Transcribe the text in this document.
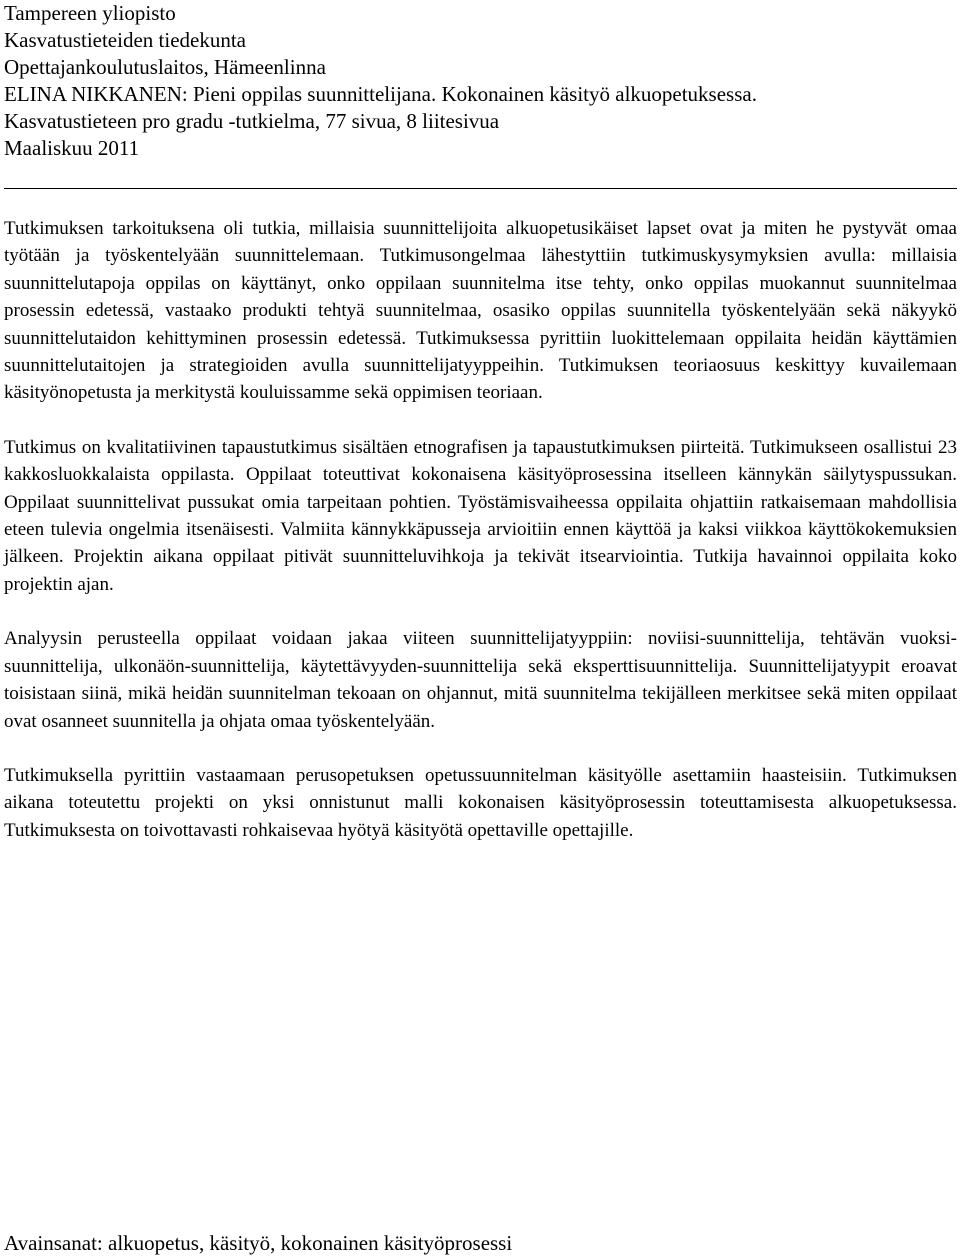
Tampereen yliopisto
Kasvatustieteiden tiedekunta
Opettajankoulutuslaitos, Hämeenlinna
ELINA NIKKANEN: Pieni oppilas suunnittelijana. Kokonainen käsityö alkuopetuksessa.
Kasvatustieteen pro gradu -tutkielma, 77 sivua, 8 liitesivua
Maaliskuu 2011

Tutkimuksen tarkoituksena oli tutkia, millaisia suunnittelijoita alkuopetusikäiset lapset ovat ja miten he pystyvät omaa työtään ja työskentelyään suunnittelemaan. Tutkimusongelmaa lähestyttiin tutkimuskysymyksien avulla: millaisia suunnittelutapoja oppilas on käyttänyt, onko oppilaan suunnitelma itse tehty, onko oppilas muokannut suunnitelmaa prosessin edetessä, vastaako produkti tehtyä suunnitelmaa, osasiko oppilas suunnitella työskentelyään sekä näkyykö suunnittelutaidon kehittyminen prosessin edetessä. Tutkimuksessa pyrittiin luokittelemaan oppilaita heidän käyttämien suunnittelutaitojen ja strategioiden avulla suunnittelijatyyppeihin. Tutkimuksen teoriaosuus keskittyy kuvailemaan käsityönopetusta ja merkitystä kouluissamme sekä oppimisen teoriaan.

Tutkimus on kvalitatiivinen tapaustutkimus sisältäen etnografisen ja tapaustutkimuksen piirteitä. Tutkimukseen osallistui 23 kakkosluokkalaista oppilasta. Oppilaat toteuttivat kokonaisena käsityöprosessina itselleen kännykän säilytyspussukan. Oppilaat suunnittelivat pussukat omia tarpeitaan pohtien. Työstämisvaiheessa oppilaita ohjattiin ratkaisemaan mahdollisia eteen tulevia ongelmia itsenäisesti. Valmiita kännykkäpusseja arvioitiin ennen käyttöä ja kaksi viikkoa käyttökokemuksien jälkeen. Projektin aikana oppilaat pitivät suunnitteluvihkoja ja tekivät itsearviointia. Tutkija havainnoi oppilaita koko projektin ajan.

Analyysin perusteella oppilaat voidaan jakaa viiteen suunnittelijatyyppiin: noviisi-suunnittelija, tehtävän vuoksi-suunnittelija, ulkonäön-suunnittelija, käytettävyyden-suunnittelija sekä eksperttisuunnittelija. Suunnittelijatyypit eroavat toisistaan siinä, mikä heidän suunnitelman tekoaan on ohjannut, mitä suunnitelma tekijälleen merkitsee sekä miten oppilaat ovat osanneet suunnitella ja ohjata omaa työskentelyään.

Tutkimuksella pyrittiin vastaamaan perusopetuksen opetussuunnitelman käsityölle asettamiin haasteisiin. Tutkimuksen aikana toteutettu projekti on yksi onnistunut malli kokonaisen käsityöprosessin toteuttamisesta alkuopetuksessa. Tutkimuksesta on toivottavasti rohkaisevaa hyötyä käsityötä opettaville opettajille.

Avainsanat: alkuopetus, käsityö, kokonainen käsityöprosessi
